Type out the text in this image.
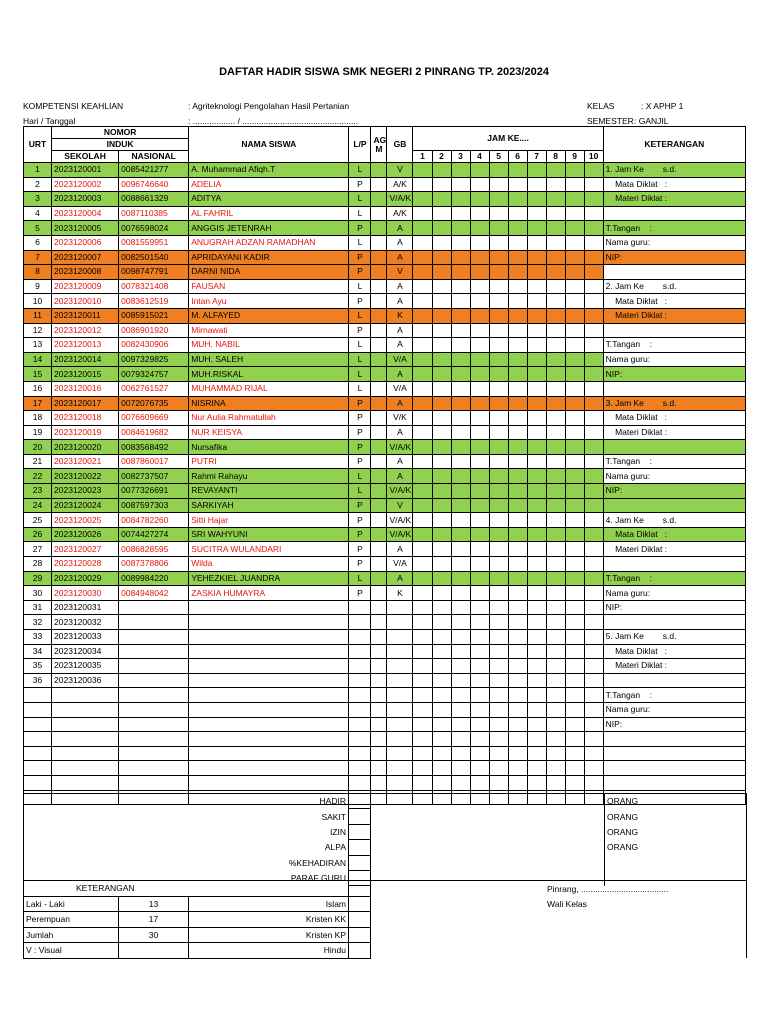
DAFTAR HADIR SISWA SMK NEGERI 2 PINRANG TP. 2023/2024
KOMPETENSI KEAHLIAN	: Agriteknologi Pengolahan Hasil Pertanian
Hari / Tanggal	: .................. / .................................................
KELAS	: X APHP 1
SEMESTER : GANJIL
URT	NOMOR		NAMA SISWA	L/P	AG M	GB	JAM KE....										KETERANGAN
	INDUK																
	SEKOLAH	NASIONAL															
							1	2	3	4	5	6	7	8	9	10	
1	2023120001	0085421277	A. Muhammad Afiqh.T	L		V											1. Jam Ke        s.d.
2	2023120002	0096746640	ADELIA	P		A/K											Mata Diklat   :
3	2023120003	0088661329	ADITYA	L		V/A/K											Materi Diklat :
4	2023120004	0087110385	AL FAHRIL	L		A/K											
5	2023120005	0076598024	ANGGIS JETENRAH	P		A											T.Tangan    :
6	2023120006	0081559951	ANUGRAH ADZAN RAMADHAN	L		A											Nama guru:
7	2023120007	0082501540	APRIDAYANI KADIR	P		A											NIP:
8	2023120008	0098747791	DARNI NIDA	P		V											
9	2023120009	0078321408	FAUSAN	L		A											2. Jam Ke        s.d.
10	2023120010	0083612519	Intan Ayu	P		A											Mata Diklat   :
11	2023120011	0085915021	M. ALFAYED	L		K											Materi Diklat :
12	2023120012	0086901920	Mirnawati	P		A											
13	2023120013	0082430906	MUH. NABIL	L		A											T.Tangan    :
14	2023120014	0097329825	MUH. SALEH	L		V/A											Nama guru:
15	2023120015	0079324757	MUH.RISKAL	L		A											NIP:
16	2023120016	0062761527	MUHAMMAD RIJAL	L		V/A											
17	2023120017	0072076735	NISRINA	P		A											3. Jam Ke        s.d.
18	2023120018	0076609669	Nur Aulia Rahmatullah	P		V/K											Mata Diklat   :
19	2023120019	0084619682	NUR KEISYA	P		A											Materi Diklat :
20	2023120020	0083568492	Nursafika	P		V/A/K											
21	2023120021	0087860017	PUTRI	P		A											T.Tangan    :
22	2023120022	0082737507	Rahmi Rahayu	L		A											Nama guru:
23	2023120023	0077326691	REVAYANTI	L		V/A/K											NIP:
24	2023120024	0087597303	SARKIYAH	P		V											
25	2023120025	0084782260	Sitti Hajar	P		V/A/K											4. Jam Ke        s.d.
26	2023120026	0074427274	SRI WAHYUNI	P		V/A/K											Mata Diklat   :
27	2023120027	0086828595	SUCITRA WULANDARI	P		A											Materi Diklat :
28	2023120028	0087378806	Wilda	P		V/A											
29	2023120029	0089984220	YEHEZKIEL JUANDRA	L		A											T.Tangan    :
30	2023120030	0084948042	ZASKIA HUMAYRA	P		K											Nama guru:
31	2023120031																NIP:
32	2023120032																
33	2023120033																5. Jam Ke        s.d.
34	2023120034																Mata Diklat   :
35	2023120035																Materi Diklat :
36	2023120036																
																	T.Tangan    :
																	Nama guru:
																	NIP:

HADIR			ORANG
SAKIT			ORANG
IZIN			ORANG
ALPA			ORANG
%KEHADIRAN			
PARAF GURU			
KETERANGAN				Pinrang, .....................................
Laki - Laki	13	Islam		Wali Kelas
Perempuan	17	Kristen KK		
Jumlah	30	Kristen KP		
V : Visual		Hindu		
